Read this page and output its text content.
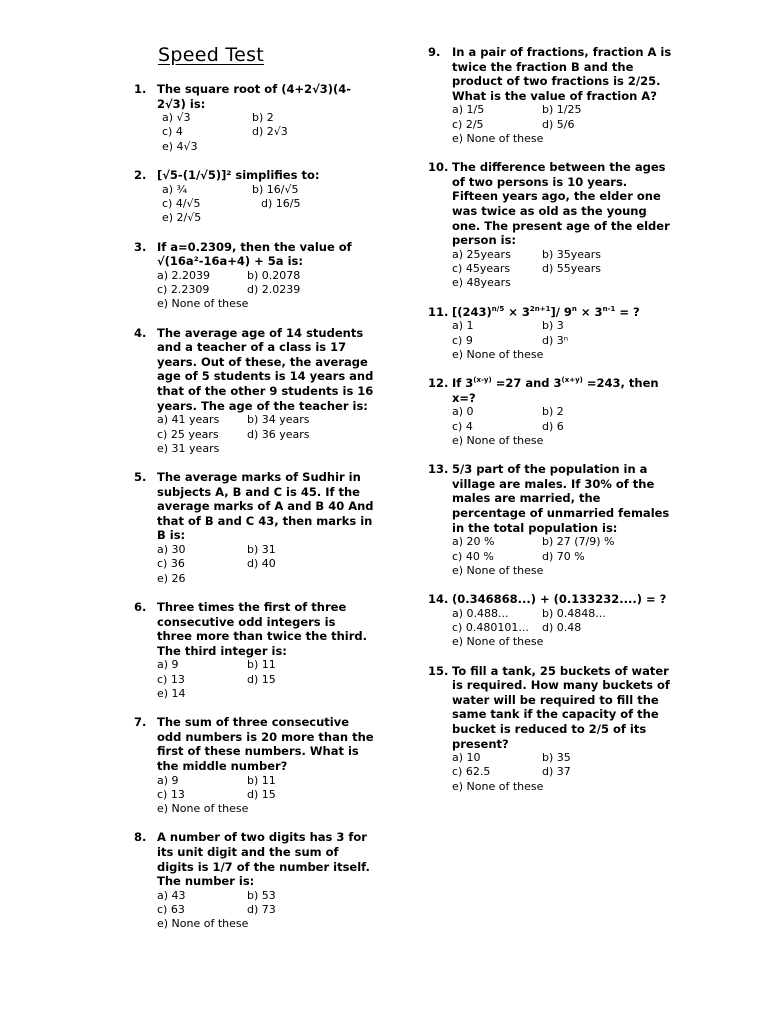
Speed Test
1. The square root of (4+2√3)(4-2√3) is:

a) √3	b) 2
c) 4	d) 2√3
e) 4√3
2. [√5-(1/√5)]² simplifies to:

a) ¾	b) 16/√5
c) 4/√5	d) 16/5
e) 2/√5
3. If a=0.2309, then the value of √(16a²-16a+4) + 5a is:

a) 2.2039	b) 0.2078
c) 2.2309	d) 2.0239
e) None of these
4. The average age of 14 students and a teacher of a class is 17 years. Out of these, the average age of 5 students is 14 years and that of the other 9 students is 16 years. The age of the teacher is:

a) 41 years	b) 34 years
c) 25 years	d) 36 years
e) 31 years
5. The average marks of Sudhir in subjects A, B and C is 45. If the average marks of A and B 40 And that of B and C 43, then marks in B is:

a) 30	b) 31
c) 36	d) 40
e) 26
6. Three times the first of three consecutive odd integers is three more than twice the third. The third integer is:

a) 9	b) 11
c) 13	d) 15
e) 14
7. The sum of three consecutive odd numbers is 20 more than the first of these numbers. What is the middle number?

a) 9	b) 11
c) 13	d) 15
e) None of these
8. A number of two digits has 3 for its unit digit and the sum of digits is 1/7 of the number itself. The number is:

a) 43	b) 53
c) 63	d) 73
e) None of these
9. In a pair of fractions, fraction A is twice the fraction B and the product of two fractions is 2/25. What is the value of fraction A?

a) 1/5	b) 1/25
c) 2/5	d) 5/6
e) None of these
10. The difference between the ages of two persons is 10 years. Fifteen years ago, the elder one was twice as old as the young one. The present age of the elder person is:

a) 25years	b) 35years
c) 45years	d) 55years
e) 48years
11. $[(243)^{n/5} \times 3^{2n+1}]/$ $9^n \times 3^{n-1}$ = ?

a) 1	b) 3
c) 9	d) 3ⁿ
e) None of these
12. If $3^{(x-y)} =27$ and $3^{(x+y)} =243$, then x=?

a) 0	b) 2
c) 4	d) 6
e) None of these
13. 5/3 part of the population in a village are males. If 30% of the males are married, the percentage of unmarried females in the total population is:

a) 20 %	b) 27 (7/9) %
c) 40 %	d) 70 %
e) None of these
14. (0.346868...) + (0.133232....) = ?

a) 0.488...	b) 0.4848...
c) 0.480101...	d) 0.48
e) None of these
15. To fill a tank, 25 buckets of water is required. How many buckets of water will be required to fill the same tank if the capacity of the bucket is reduced to 2/5 of its present?

a) 10	b) 35
c) 62.5	d) 37
e) None of these
